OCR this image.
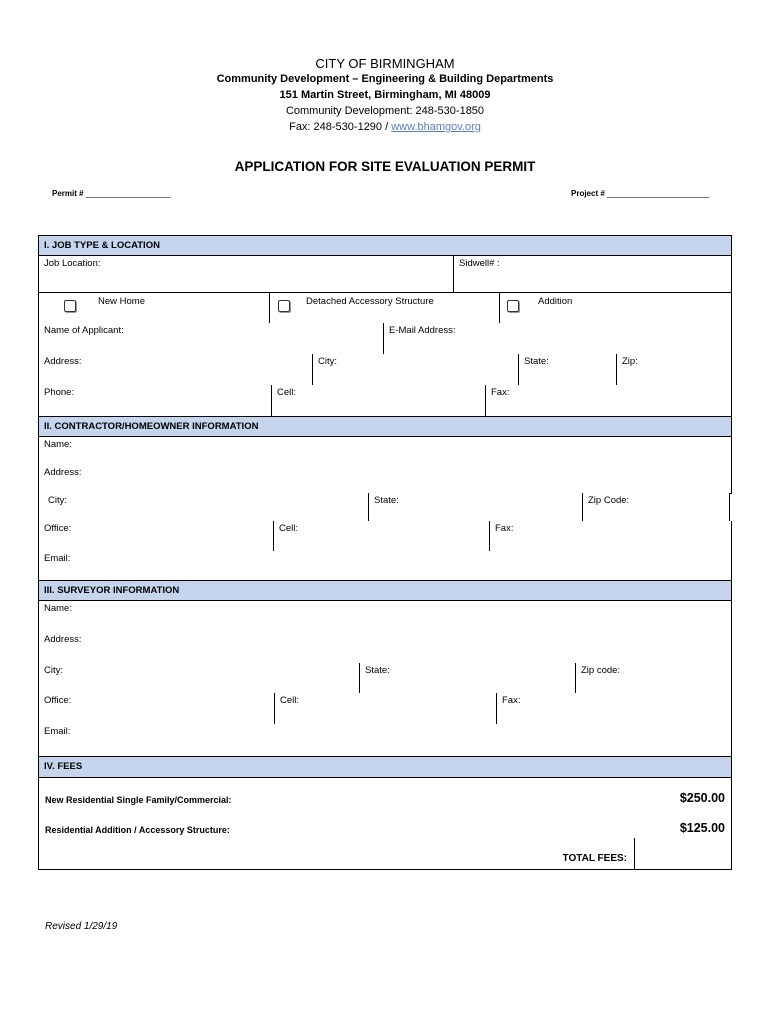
CITY OF BIRMINGHAM
Community Development – Engineering & Building Departments
151 Martin Street, Birmingham, MI 48009
Community Development: 248-530-1850
Fax: 248-530-1290 / www.bhamgov.org
APPLICATION FOR SITE EVALUATION PERMIT
Permit # ___________________	Project # _______________________
I. JOB TYPE & LOCATION
Job Location:	Sidwell# :
New Home	Detached Accessory Structure	Addition
Name of Applicant:	E-Mail Address:
Address:	City:	State:	Zip:
Phone:	Cell:	Fax:
II. CONTRACTOR/HOMEOWNER INFORMATION
Name:
Address:
City:	State:	Zip Code:
Office:	Cell:	Fax:
Email:
III. SURVEYOR INFORMATION
Name:
Address:
City:	State:	Zip code:
Office:	Cell:	Fax:
Email:
IV. FEES
New Residential Single Family/Commercial:	$250.00
Residential Addition / Accessory Structure:	$125.00
TOTAL FEES:
Revised 1/29/19
